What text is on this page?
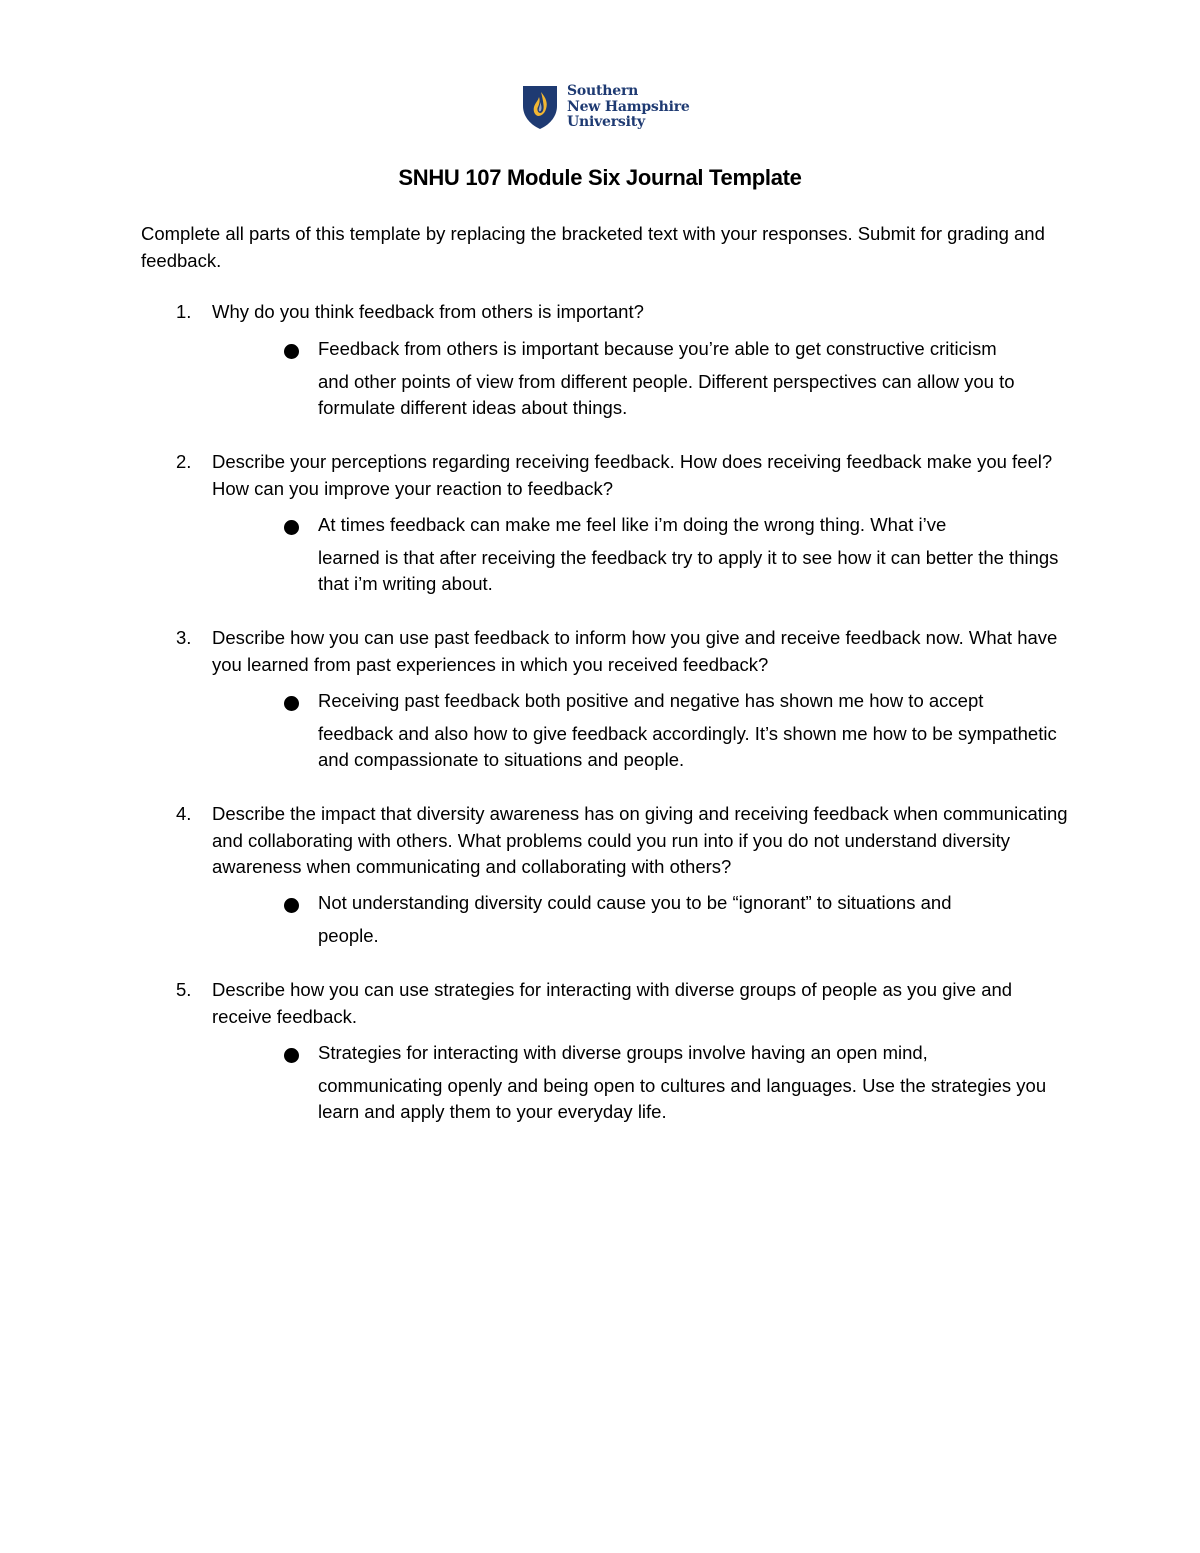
Southern
New Hampshire
University
SNHU 107 Module Six Journal Template

Complete all parts of this template by replacing the bracketed text with your responses. Submit for grading and feedback.

1. Why do you think feedback from others is important?

Feedback from others is important because you’re able to get constructive criticism
and other points of view from different people. Different perspectives can allow you to formulate different ideas about things.

2. Describe your perceptions regarding receiving feedback. How does receiving feedback make you feel? How can you improve your reaction to feedback?

At times feedback can make me feel like i’m doing the wrong thing. What i’ve
learned is that after receiving the feedback try to apply it to see how it can better the things that i’m writing about.

3. Describe how you can use past feedback to inform how you give and receive feedback now. What have you learned from past experiences in which you received feedback?

Receiving past feedback both positive and negative has shown me how to accept
feedback and also how to give feedback accordingly. It’s shown me how to be sympathetic and compassionate to situations and people.

4. Describe the impact that diversity awareness has on giving and receiving feedback when communicating and collaborating with others. What problems could you run into if you do not understand diversity awareness when communicating and collaborating with others?

Not understanding diversity could cause you to be “ignorant” to situations and
people.

5. Describe how you can use strategies for interacting with diverse groups of people as you give and receive feedback.

Strategies for interacting with diverse groups involve having an open mind,
communicating openly and being open to cultures and languages. Use the strategies you learn and apply them to your everyday life.
